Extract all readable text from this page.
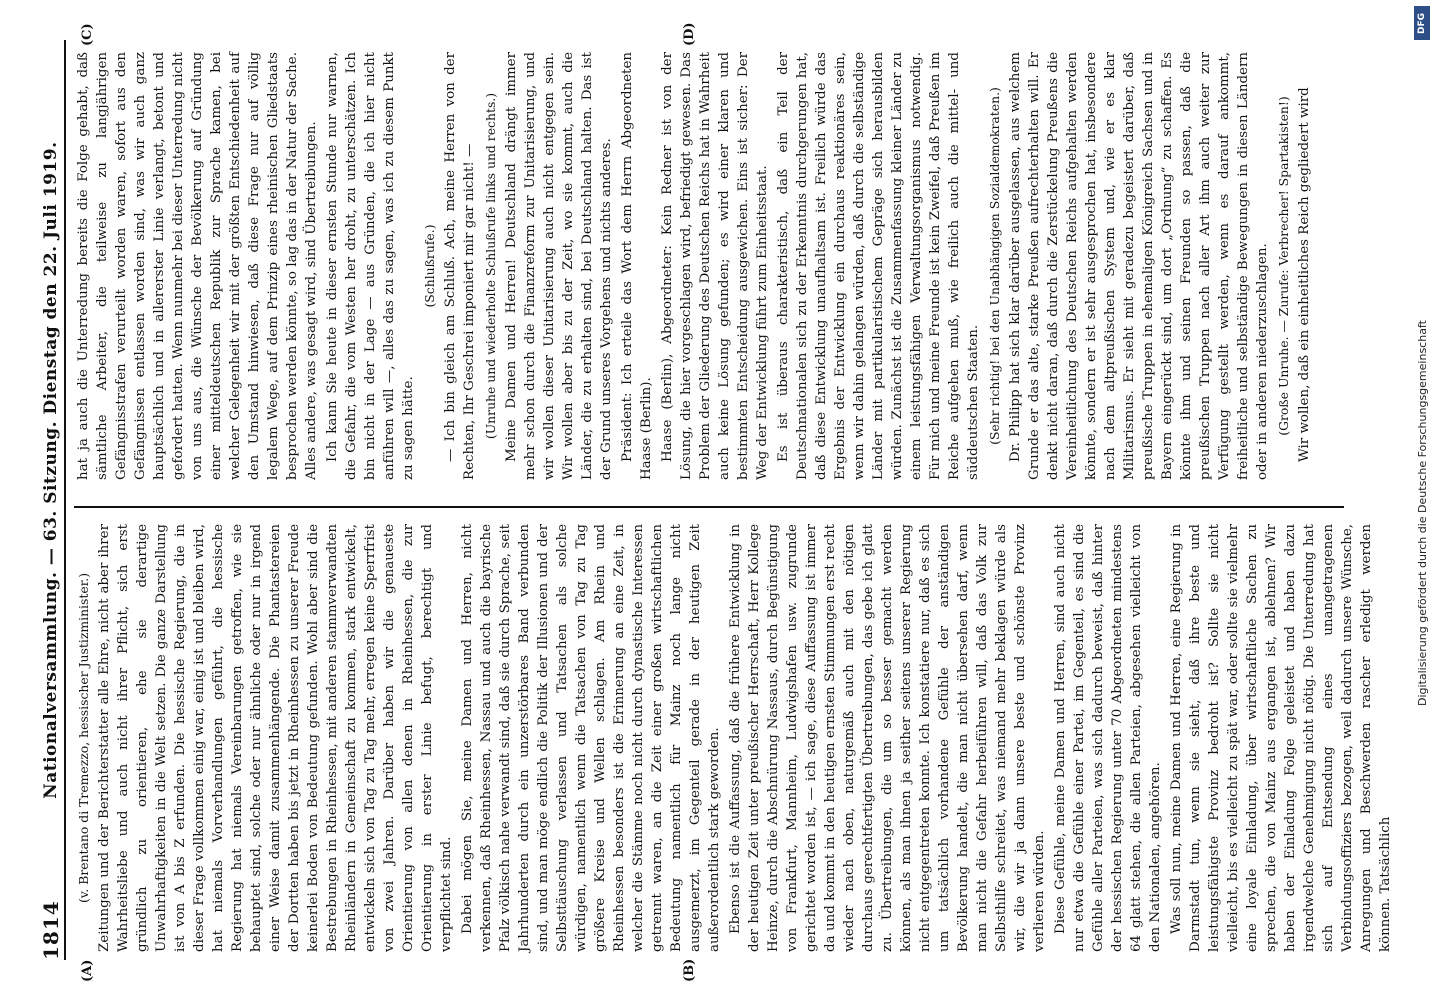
1814
Nationalversammlung. — 63. Sitzung. Dienstag den 22. Juli 1919.
(A)	(B)
(C)	(D)

(v. Brentano di Tremezzo, hessischer Justizminister.) Zeitungen und der Berichterstatter alle Ehre, nicht aber ihrer Wahrheitsliebe und auch nicht ihrer Pflicht, sich erst gründlich zu orientieren, ehe sie derartige Unwahrhaftigkeiten in die Welt setzen. Die ganze Darstellung ist von A bis Z erfunden. Die hessische Regierung, die in dieser Frage vollkommen einig war, einig ist und bleiben wird, hat niemals Vorverhandlungen geführt, die hessische Regierung hat niemals Vereinbarungen getroffen, wie sie behauptet sind, solche oder nur ähnliche oder nur in irgend einer Weise damit zusammenhängende. Die Phantastereien der Dortten haben bis jetzt in Rheinhessen zu unserer Freude keinerlei Boden von Bedeutung gefunden. Wohl aber sind die Bestrebungen in Rheinhessen, mit anderen stammverwandten Rheinländern in Gemeinschaft zu kommen, stark entwickelt, entwickeln sich von Tag zu Tag mehr, erregen keine Sperrfrist von zwei Jahren. Darüber haben wir die genaueste Orientierung von allen denen in Rheinhessen, die zur Orientierung in erster Linie befugt, berechtigt und verpflichtet sind. Dabei mögen Sie, meine Damen und Herren, nicht verkennen, daß Rheinhessen, Nassau und auch die bayrische Pfalz völkisch nahe verwandt sind, daß sie durch Sprache, seit Jahrhunderten durch ein unzerstörbares Band verbunden sind, und man möge endlich die Politik der Illusionen und der Selbsttäuschung verlassen und Tatsachen als solche würdigen, namentlich wenn die Tatsachen von Tag zu Tag größere Kreise und Wellen schlagen. Am Rhein und Rheinhessen besonders ist die Erinnerung an eine Zeit, in welcher die Stämme noch nicht durch dynastische Interessen getrennt waren, an die Zeit einer großen wirtschaftlichen Bedeutung namentlich für Mainz noch lange nicht ausgemerzt, im Gegenteil gerade in der heutigen Zeit außerordentlich stark geworden. Ebenso ist die Auffassung, daß die frühere Entwicklung in der heutigen Zeit unter preußischer Herrschaft, Herr Kollege Heinze, durch die Abschnürung Nassaus, durch Begünstigung von Frankfurt, Mannheim, Ludwigshafen usw. zugrunde gerichtet worden ist, — ich sage, diese Auffassung ist immer da und kommt in den heutigen ernsten Stimmungen erst recht wieder nach oben, naturgemäß auch mit den nötigen durchaus gerechtfertigten Übertreibungen, das gebe ich glatt zu. Übertreibungen, die um so besser gemacht werden können, als man ihnen ja seither seitens unserer Regierung nicht entgegentreten konnte. Ich konstatiere nur, daß es sich um tatsächlich vorhandene Gefühle der anständigen Bevölkerung handelt, die man nicht übersehen darf, wenn man nicht die Gefahr herbeiführen will, daß das Volk zur Selbsthilfe schreitet, was niemand mehr beklagen würde als wir, die wir ja dann unsere beste und schönste Provinz verlieren würden. Diese Gefühle, meine Damen und Herren, sind auch nicht nur etwa die Gefühle einer Partei, im Gegenteil, es sind die Gefühle aller Parteien, was sich dadurch beweist, daß hinter der hessischen Regierung unter 70 Abgeordneten mindestens 64 glatt stehen, die allen Parteien, abgesehen vielleicht von den Nationalen, angehören. Was soll nun, meine Damen und Herren, eine Regierung in Darmstadt tun, wenn sie sieht, daß ihre beste und leistungsfähigste Provinz bedroht ist? Sollte sie nicht vielleicht, bis es vielleicht zu spät war, oder sollte sie vielmehr eine loyale Einladung, über wirtschaftliche Sachen zu sprechen, die von Mainz aus ergangen ist, ablehnen? Wir haben der Einladung Folge geleistet und haben dazu irgendwelche Genehmigung nicht nötig. Die Unterredung hat sich auf Entsendung eines unangetragenen Verbindungsoffiziers bezogen, weil dadurch unsere Wünsche, Anregungen und Beschwerden rascher erledigt werden können. Tatsächlich

hat ja auch die Unterredung bereits die Folge gehabt, daß sämtliche Arbeiter, die teilweise zu langjährigen Gefängnisstrafen verurteilt worden waren, sofort aus den Gefängnissen entlassen worden sind, was wir auch ganz hauptsächlich und in allererster Linie verlangt, betont und gefordert hatten. Wenn nunmehr bei dieser Unterredung nicht von uns aus, die Wünsche der Bevölkerung auf Gründung einer mitteldeutschen Republik zur Sprache kamen, bei welcher Gelegenheit wir mit der größten Entschiedenheit auf den Umstand hinwiesen, daß diese Frage nur auf völlig legalem Wege, auf dem Prinzip eines rheinischen Gliedstaats besprochen werden könnte, so lag das in der Natur der Sache. Alles andere, was gesagt wird, sind Übertreibungen. Ich kann Sie heute in dieser ernsten Stunde nur warnen, die Gefahr, die vom Westen her droht, zu unterschätzen. Ich bin nicht in der Lage — aus Gründen, die ich hier nicht anführen will —, alles das zu sagen, was ich zu diesem Punkt zu sagen hätte.

(Schlußrufe.) — Ich bin gleich am Schluß. Ach, meine Herren von der Rechten, Ihr Geschrei imponiert mir gar nicht! — (Unruhe und wiederholte Schlußrufe links und rechts.) Meine Damen und Herren! Deutschland drängt immer mehr schon durch die Finanzreform zur Unitarisierung, und wir wollen dieser Unitarisierung auch nicht entgegen sein. Wir wollen aber bis zu der Zeit, wo sie kommt, auch die Länder, die zu erhalten sind, bei Deutschland halten. Das ist der Grund unseres Vorgehens und nichts anderes. Präsident: Ich erteile das Wort dem Herrn Abgeordneten Haase (Berlin). Haase (Berlin), Abgeordneter: Kein Redner ist von der Lösung, die hier vorgeschlagen wird, befriedigt gewesen. Das Problem der Gliederung des Deutschen Reichs hat in Wahrheit auch keine Lösung gefunden; es wird einer klaren und bestimmten Entscheidung ausgewichen. Eins ist sicher: Der Weg der Entwicklung führt zum Einheitsstaat. Es ist überaus charakteristisch, daß ein Teil der Deutschnationalen sich zu der Erkenntnis durchgerungen hat, daß diese Entwicklung unaufhaltsam ist. Freilich würde das Ergebnis der Entwicklung ein durchaus reaktionäres sein, wenn wir dahin gelangen würden, daß durch die selbständige Länder mit partikularistischem Gepräge sich herausbilden würden. Zunächst ist die Zusammenfassung kleiner Länder zu einem leistungsfähigen Verwaltungsorganismus notwendig. Für mich und meine Freunde ist kein Zweifel, daß Preußen im Reiche aufgehen muß, wie freilich auch die mittel- und süddeutschen Staaten. (Sehr richtig! bei den Unabhängigen Sozialdemokraten.) Dr. Philipp hat sich klar darüber ausgelassen, aus welchem Grunde er das alte, starke Preußen aufrechterhalten will. Er denkt nicht daran, daß durch die Zerstückelung Preußens die Vereinheitlichung des Deutschen Reichs aufgehalten werden könnte, sondern er ist sehr ausgesprochen hat, insbesondere nach dem altpreußischen System und, wie er es klar Militarismus. Er sieht mit geradezu begeistert darüber, daß preußische Truppen in ehemaligen Königreich Sachsen und in Bayern eingerückt sind, um dort „Ordnung“ zu schaffen. Es könnte ihm und seinen Freunden so passen, daß die preußischen Truppen nach aller Art ihm auch weiter zur Verfügung gestellt werden, wenn es darauf ankommt, freiheitliche und selbständige Bewegungen in diesen Ländern oder in anderen niederzuschlagen. (Große Unruhe. — Zurufe: Verbrecher! Spartakisten!) Wir wollen, daß ein einheitliches Reich gegliedert wird

DFG
Digitalisierung gefördert durch die Deutsche Forschungsgemeinschaft
